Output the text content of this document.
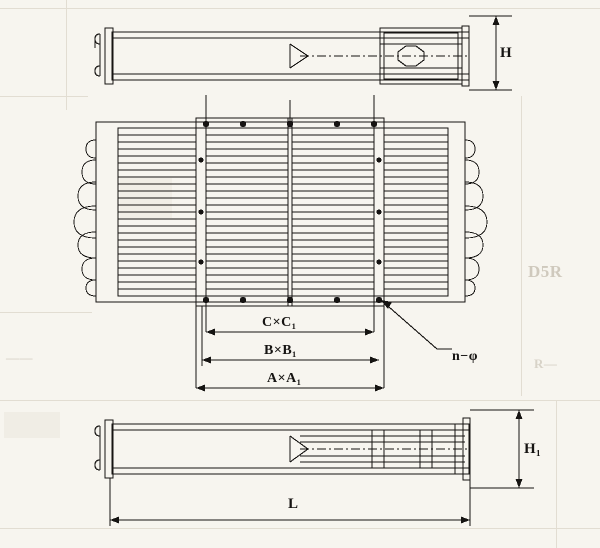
D5R
R—
——
H
C×C₁
B×B₁
A×A₁
n−φ
H₁
L
